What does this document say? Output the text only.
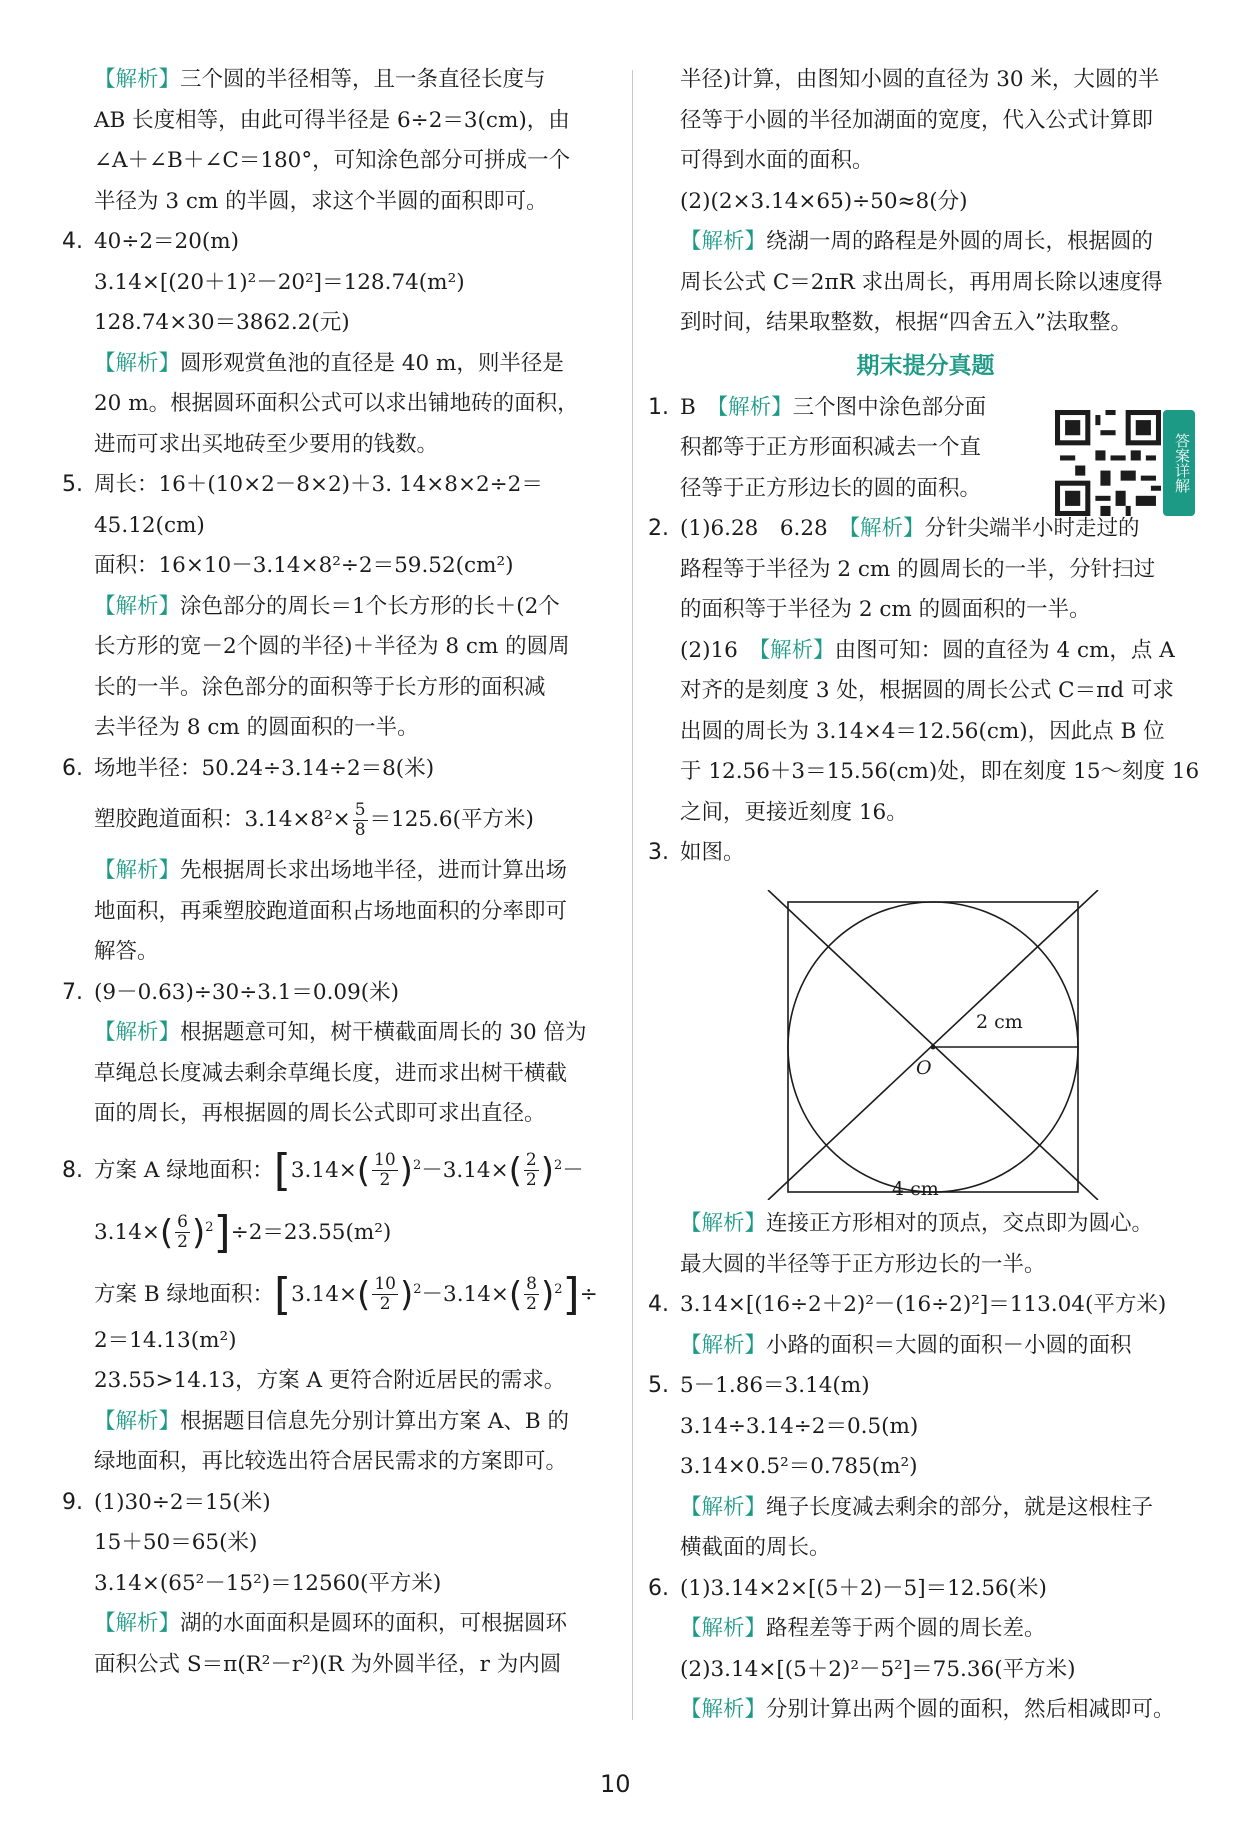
【解析】三个圆的半径相等，且一条直径长度与
AB 长度相等，由此可得半径是 6÷2＝3(cm)，由
∠A＋∠B＋∠C＝180°，可知涂色部分可拼成一个
半径为 3 cm 的半圆，求这个半圆的面积即可。
4. 40÷2＝20(m)
3.14×[(20＋1)²－20²]＝128.74(m²)
128.74×30＝3862.2(元)
【解析】圆形观赏鱼池的直径是 40 m，则半径是
20 m。根据圆环面积公式可以求出铺地砖的面积，
进而可求出买地砖至少要用的钱数。
5. 周长：16＋(10×2－8×2)＋3. 14×8×2÷2＝
45.12(cm)
面积：16×10－3.14×8²÷2＝59.52(cm²)
【解析】涂色部分的周长＝1个长方形的长＋(2个
长方形的宽－2个圆的半径)＋半径为 8 cm 的圆周
长的一半。涂色部分的面积等于长方形的面积减
去半径为 8 cm 的圆面积的一半。
6. 场地半径：50.24÷3.14÷2＝8(米)
塑胶跑道面积：$3.14\times 8^2\times \frac{5}{8} =125.6$(平方米)
【解析】先根据周长求出场地半径，进而计算出场
地面积，再乘塑胶跑道面积占场地面积的分率即可
解答。
7. (9－0.63)÷30÷3.1＝0.09(米)
【解析】根据题意可知，树干横截面周长的 30 倍为
草绳总长度减去剩余草绳长度，进而求出树干横截
面的周长，再根据圆的周长公式即可求出直径。
8. 方案 A 绿地面积：[$3.14\times( \frac{10}{2} )^2-3.14\times( \frac{2}{2} )^2-$
$3.14\times( \frac{6}{2} )^2]\div 2=23.55(m^2)$
方案 B 绿地面积：$[3.14\times( \frac{10}{2} )^2-3.14\times( \frac{8}{2} )^2]\div$
2＝14.13(m²)
23.55>14.13，方案 A 更符合附近居民的需求。
【解析】根据题目信息先分别计算出方案 A、B 的
绿地面积，再比较选出符合居民需求的方案即可。
9. (1)30÷2＝15(米)
15＋50＝65(米)
3.14×(65²－15²)＝12560(平方米)
【解析】湖的水面面积是圆环的面积，可根据圆环
面积公式 S＝π(R²－r²)(R 为外圆半径，r 为内圆
半径)计算，由图知小圆的直径为 30 米，大圆的半
径等于小圆的半径加湖面的宽度，代入公式计算即
可得到水面的面积。
(2)(2×3.14×65)÷50≈8(分)
【解析】绕湖一周的路程是外圆的周长，根据圆的
周长公式 C＝2πR 求出周长，再用周长除以速度得
到时间，结果取整数，根据“四舍五入”法取整。
期末提分真题
1. B　 【解析】三个图中涂色部分面
积都等于正方形面积减去一个直
径等于正方形边长的圆的面积。
2. (1)6.28　6.28　 【解析】分针尖端半小时走过的
路程等于半径为 2 cm 的圆周长的一半，分针扫过
的面积等于半径为 2 cm 的圆面积的一半。
(2)16　 【解析】由图可知：圆的直径为 4 cm，点 A
对齐的是刻度 3 处，根据圆的周长公式 C＝πd 可求
出圆的周长为 3.14×4＝12.56(cm)，因此点 B 位
于 12.56＋3＝15.56(cm)处，即在刻度 15～刻度 16
之间，更接近刻度 16。
3. 如图。
答案详解
2 cm
O
4 cm
【解析】连接正方形相对的顶点，交点即为圆心。
最大圆的半径等于正方形边长的一半。
4. 3.14×[(16÷2＋2)²－(16÷2)²]＝113.04(平方米)
【解析】小路的面积＝大圆的面积－小圆的面积
5. 5－1.86＝3.14(m)
3.14÷3.14÷2＝0.5(m)
3.14×0.5²＝0.785(m²)
【解析】绳子长度减去剩余的部分，就是这根柱子
横截面的周长。
6. (1)3.14×2×[(5＋2)－5]＝12.56(米)
【解析】路程差等于两个圆的周长差。
(2)3.14×[(5＋2)²－5²]＝75.36(平方米)
【解析】分别计算出两个圆的面积，然后相减即可。
10
